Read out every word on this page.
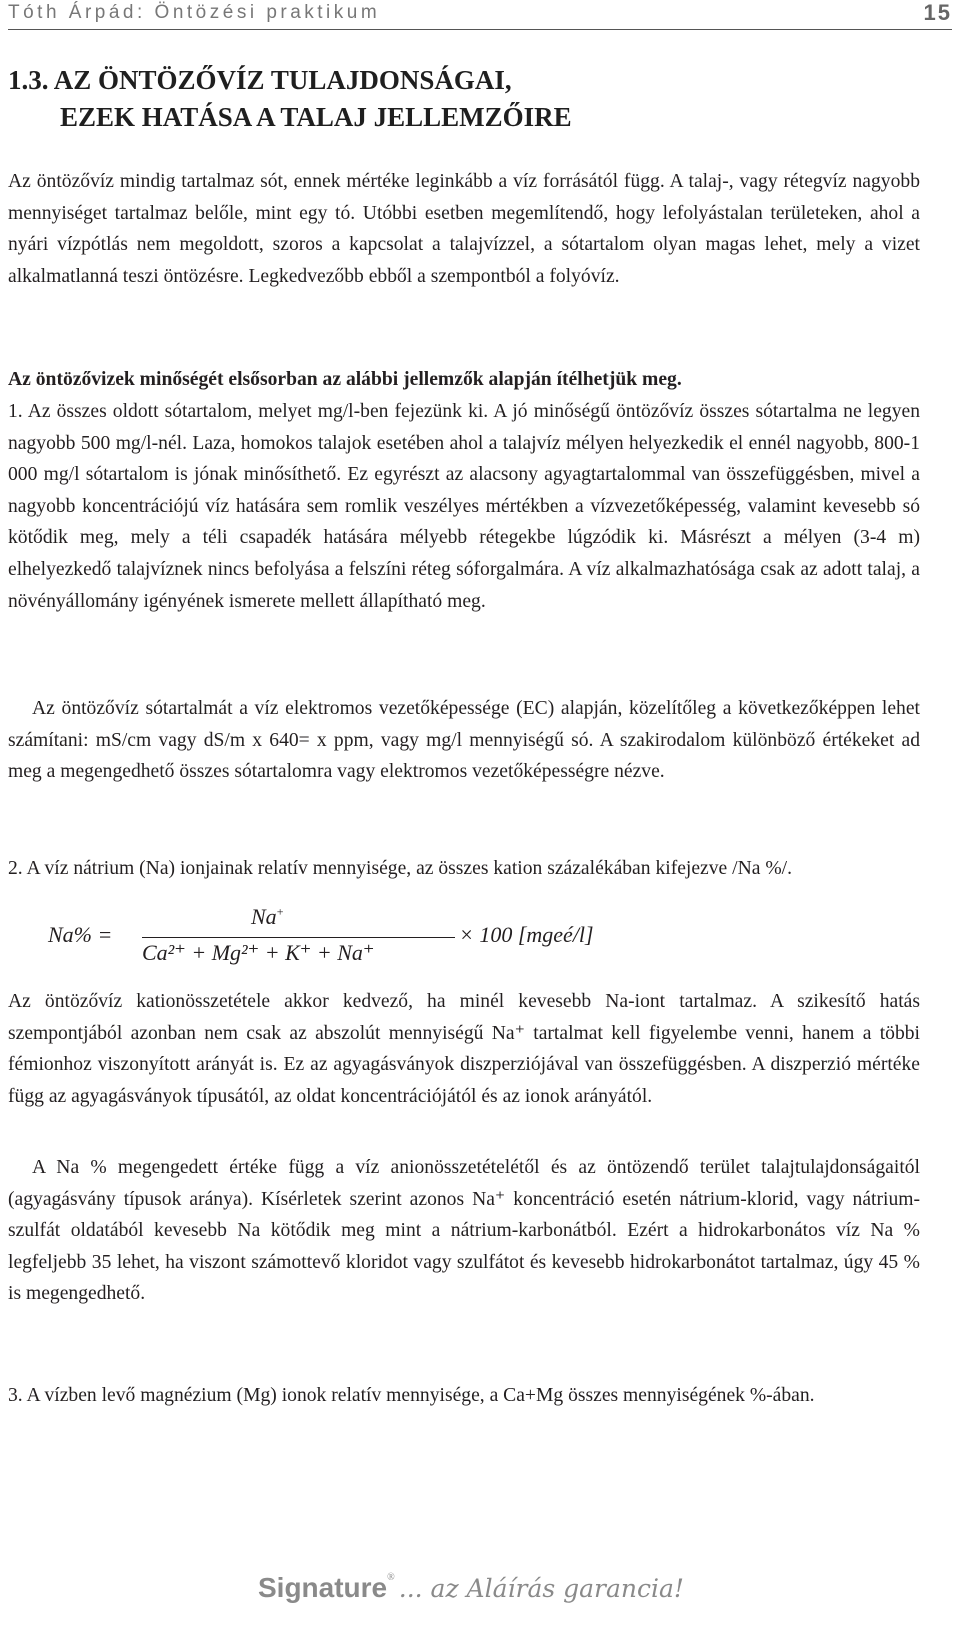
Tóth Árpád: Öntözési praktikum	15
1.3. AZ ÖNTÖZŐVÍZ TULAJDONSÁGAI,
EZEK HATÁSA A TALAJ JELLEMZŐIRE

Az öntözővíz mindig tartalmaz sót, ennek mértéke leginkább a víz forrásától függ. A talaj-, vagy rétegvíz nagyobb mennyiséget tartalmaz belőle, mint egy tó. Utóbbi esetben megemlítendő, hogy lefolyástalan területeken, ahol a nyári vízpótlás nem megoldott, szoros a kapcsolat a talajvízzel, a sótartalom olyan magas lehet, mely a vizet alkalmatlanná teszi öntözésre. Legkedvezőbb ebből a szempontból a folyóvíz.

Az öntözővizek minőségét elsősorban az alábbi jellemzők alapján ítélhetjük meg.

1. Az összes oldott sótartalom, melyet mg/l-ben fejezünk ki. A jó minőségű öntözővíz összes sótartalma ne legyen nagyobb 500 mg/l-nél. Laza, homokos talajok esetében ahol a talajvíz mélyen helyezkedik el ennél nagyobb, 800-1 000 mg/l sótartalom is jónak minősíthető. Ez egyrészt az alacsony agyagtartalommal van összefüggésben, mivel a nagyobb koncentrációjú víz hatására sem romlik veszélyes mértékben a vízvezetőképesség, valamint kevesebb só kötődik meg, mely a téli csapadék hatására mélyebb rétegekbe lúgzódik ki. Másrészt a mélyen (3-4 m) elhelyezkedő talajvíznek nincs befolyása a felszíni réteg sóforgalmára. A víz alkalmazhatósága csak az adott talaj, a növényállomány igényének ismerete mellett állapítható meg.

Az öntözővíz sótartalmát a víz elektromos vezetőképessége (EC) alapján, közelítőleg a következőképpen lehet számítani: mS/cm vagy dS/m x 640= x ppm, vagy mg/l mennyiségű só. A szakirodalom különböző értékeket ad meg a megengedhető összes sótartalomra vagy elektromos vezetőképességre nézve.

2. A víz nátrium (Na) ionjainak relatív mennyisége, az összes kation százalékában kifejezve /Na %/.

Na% =
Na+
Ca²⁺ + Mg²⁺ + K⁺ + Na⁺
× 100 [mgeé/l]

Az öntözővíz kationösszetétele akkor kedvező, ha minél kevesebb Na-iont tartalmaz. A szikesítő hatás szempontjából azonban nem csak az abszolút mennyiségű Na⁺ tartalmat kell figyelembe venni, hanem a többi fémionhoz viszonyított arányát is. Ez az agyagásványok diszperziójával van összefüggésben. A diszperzió mértéke függ az agyagásványok típusától, az oldat koncentrációjától és az ionok arányától.

A Na % megengedett értéke függ a víz anionösszetételétől és az öntözendő terület talajtulajdonságaitól (agyagásvány típusok aránya). Kísérletek szerint azonos Na⁺ koncentráció esetén nátrium-klorid, vagy nátrium-szulfát oldatából kevesebb Na kötődik meg mint a nátrium-karbonátból. Ezért a hidrokarbonátos víz Na % legfeljebb 35 lehet, ha viszont számottevő kloridot vagy szulfátot és kevesebb hidrokarbonátot tartalmaz, úgy 45 % is megengedhető.

3. A vízben levő magnézium (Mg) ionok relatív mennyisége, a Ca+Mg összes mennyiségének %-ában.

Signature® ... az Aláírás garancia!
